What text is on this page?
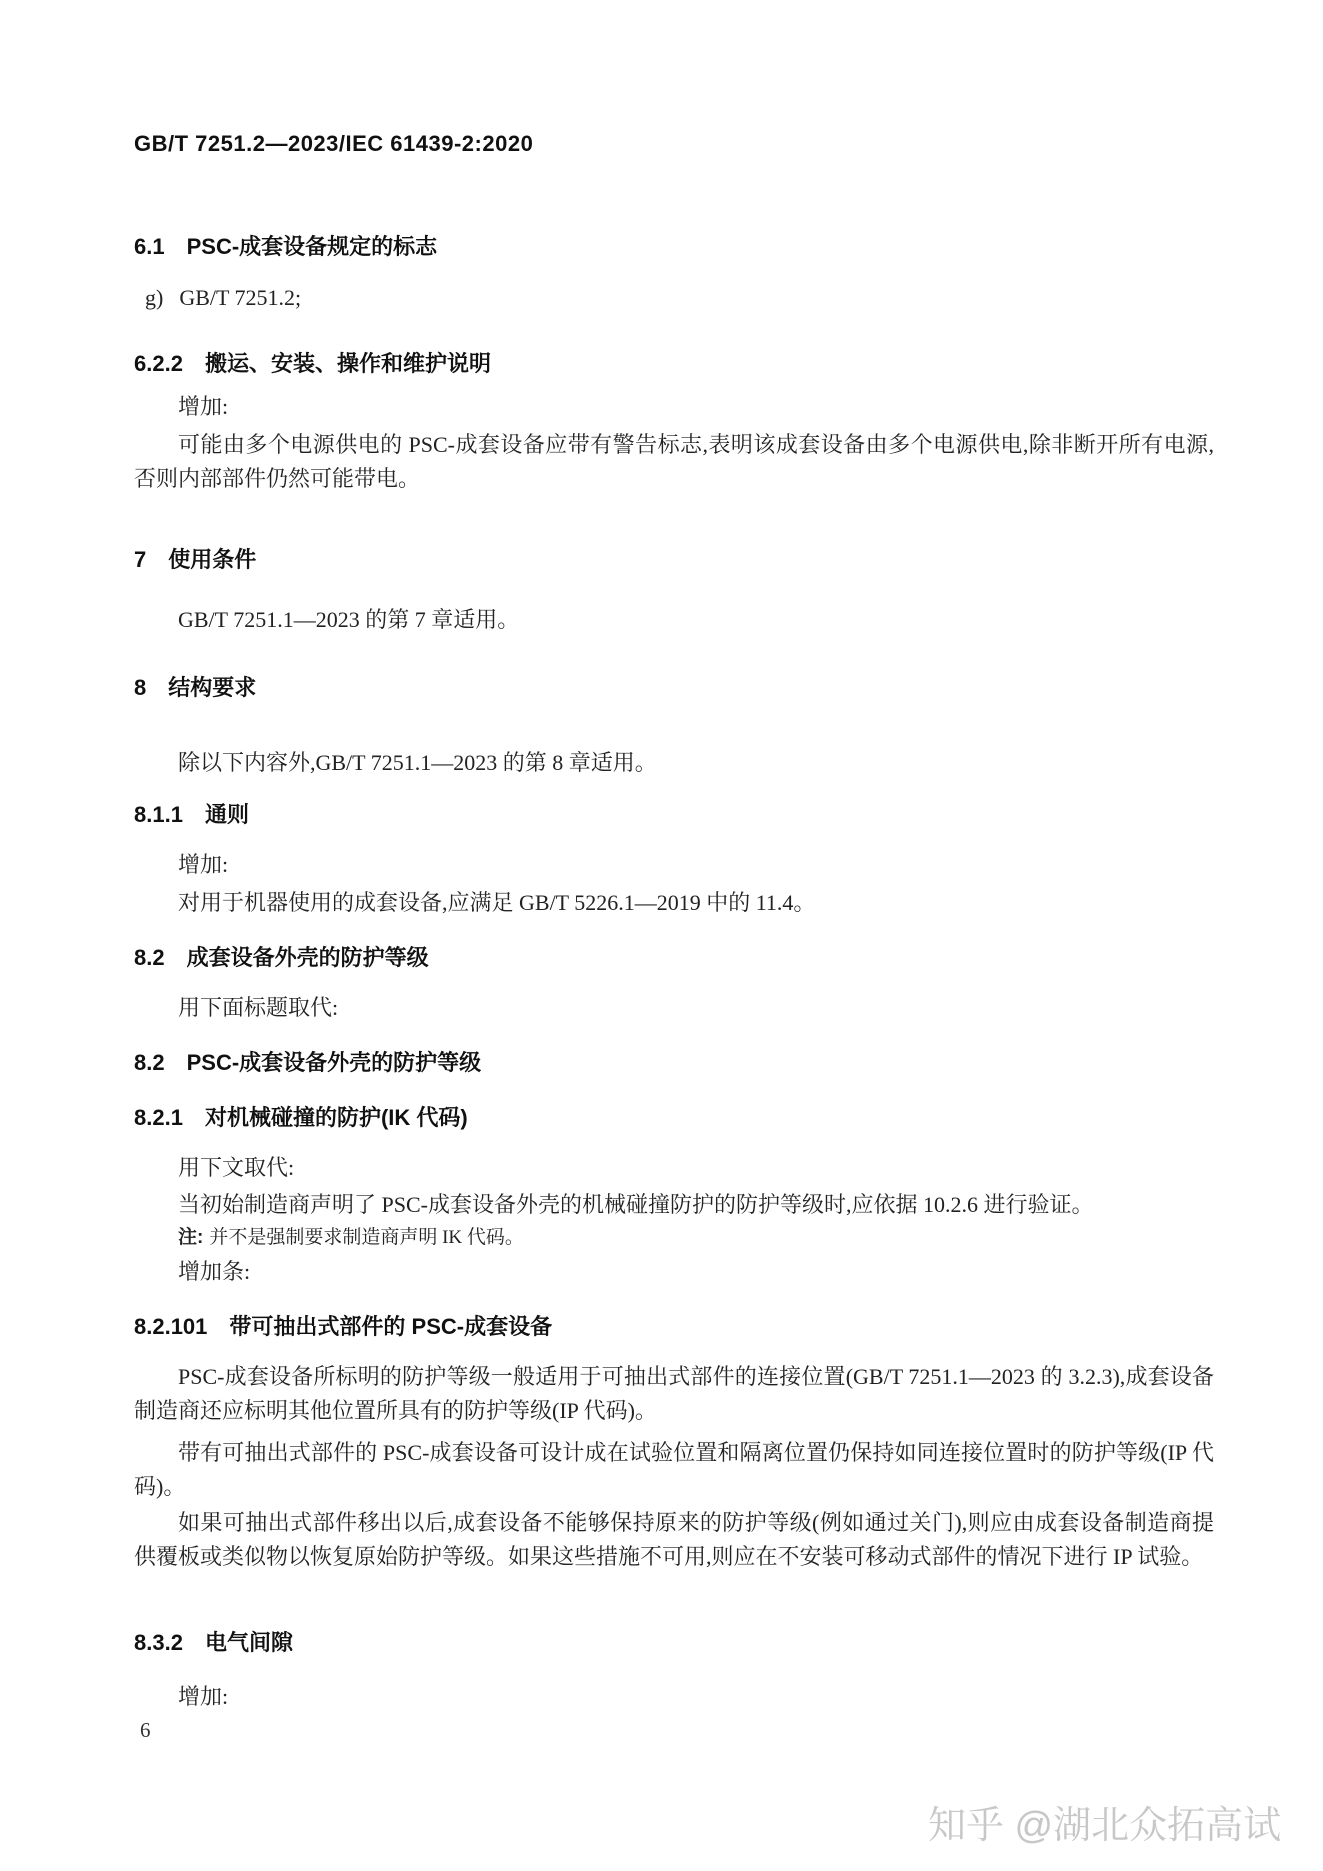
GB/T 7251.2—2023/IEC 61439-2:2020
6.1 PSC-成套设备规定的标志
g) GB/T 7251.2;
6.2.2 搬运、安装、操作和维护说明
增加:
可能由多个电源供电的 PSC-成套设备应带有警告标志,表明该成套设备由多个电源供电,除非断开所有电源,否则内部部件仍然可能带电。
7 使用条件
GB/T 7251.1—2023 的第 7 章适用。
8 结构要求
除以下内容外,GB/T 7251.1—2023 的第 8 章适用。
8.1.1 通则
增加:
对用于机器使用的成套设备,应满足 GB/T 5226.1—2019 中的 11.4。
8.2 成套设备外壳的防护等级
用下面标题取代:
8.2 PSC-成套设备外壳的防护等级
8.2.1 对机械碰撞的防护(IK 代码)
用下文取代:
当初始制造商声明了 PSC-成套设备外壳的机械碰撞防护的防护等级时,应依据 10.2.6 进行验证。
注: 并不是强制要求制造商声明 IK 代码。
增加条:
8.2.101 带可抽出式部件的 PSC-成套设备
PSC-成套设备所标明的防护等级一般适用于可抽出式部件的连接位置(GB/T 7251.1—2023 的 3.2.3),成套设备制造商还应标明其他位置所具有的防护等级(IP 代码)。
带有可抽出式部件的 PSC-成套设备可设计成在试验位置和隔离位置仍保持如同连接位置时的防护等级(IP 代码)。
如果可抽出式部件移出以后,成套设备不能够保持原来的防护等级(例如通过关门),则应由成套设备制造商提供覆板或类似物以恢复原始防护等级。如果这些措施不可用,则应在不安装可移动式部件的情况下进行 IP 试验。
8.3.2 电气间隙
增加:
6
知乎 @湖北众拓高试
